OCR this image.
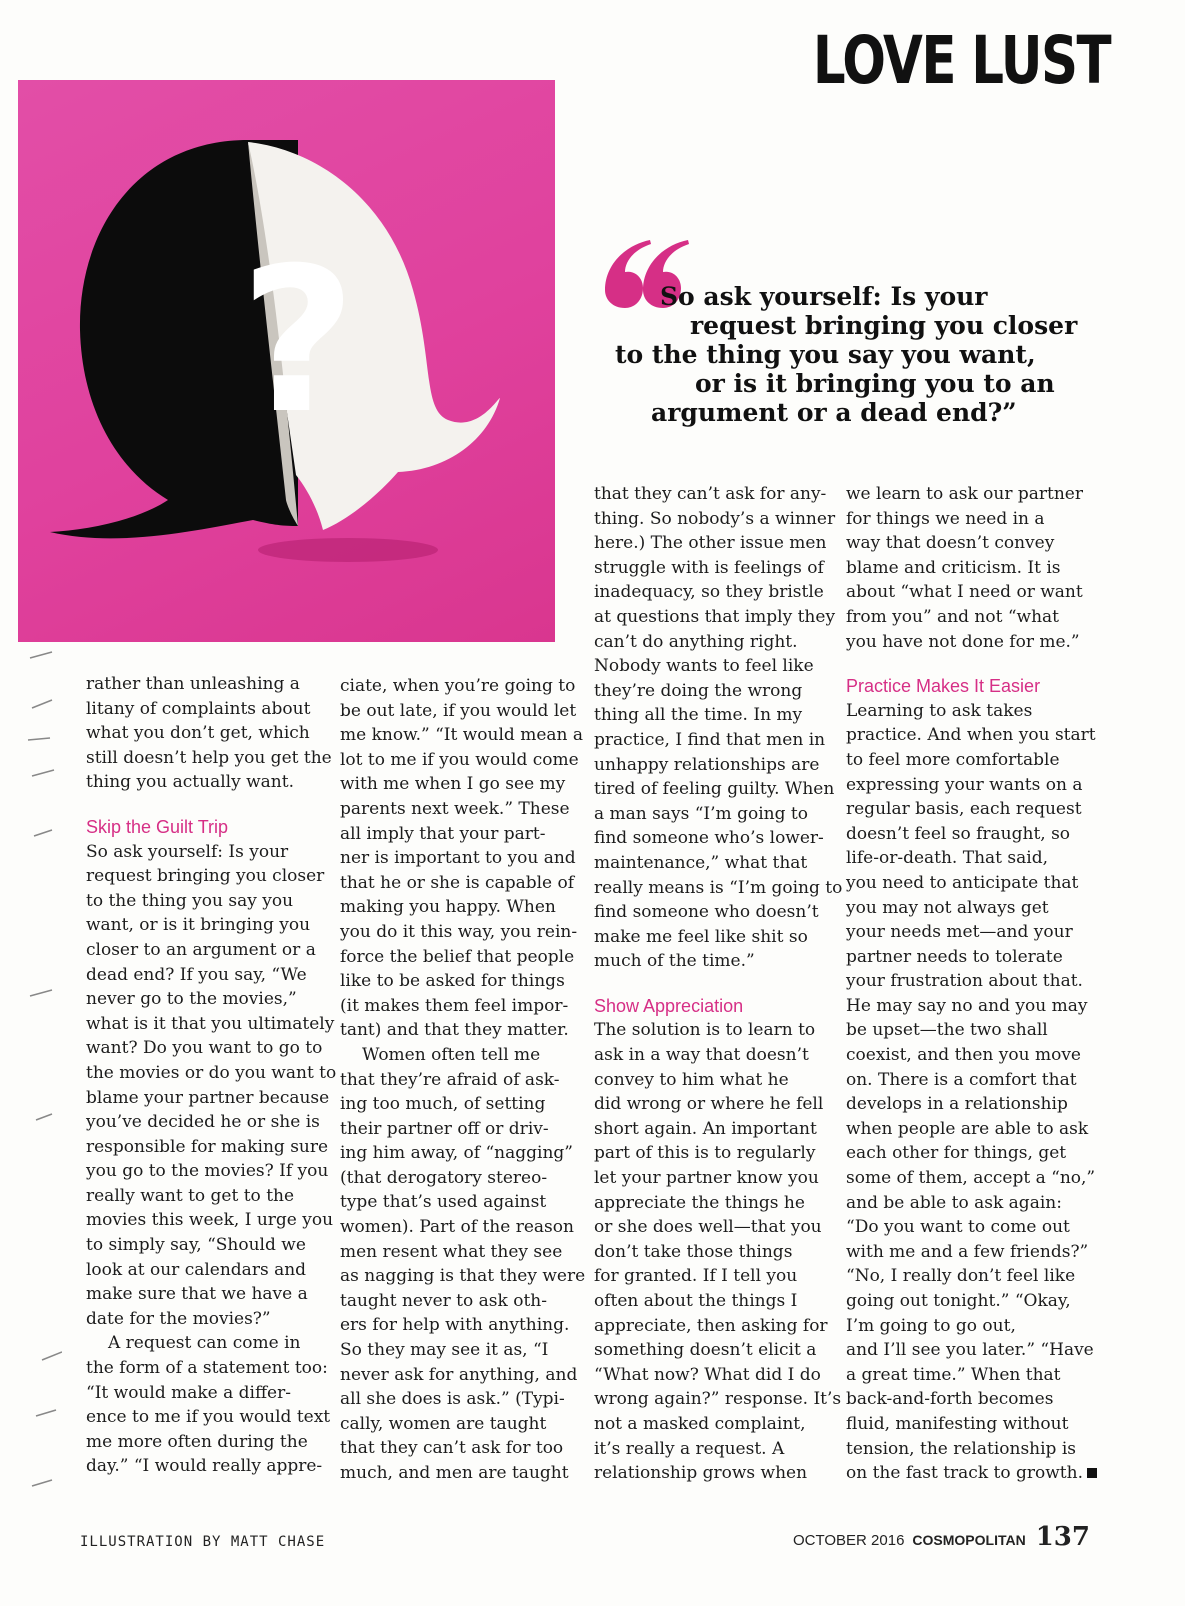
LOVE LUST
?	So ask yourself: Is your
request bringing you closer
to the thing you say you want,
or is it bringing you to an
argument or a dead end?”

rather than unleashing a
litany of complaints about
what you don’t get, which
still doesn’t help you get the
thing you actually want.

Skip the Guilt Trip

So ask yourself: Is your
request bringing you closer
to the thing you say you
want, or is it bringing you
closer to an argument or a
dead end? If you say, “We
never go to the movies,”
what is it that you ultimately
want? Do you want to go to
the movies or do you want to
blame your partner because
you’ve decided he or she is
responsible for making sure
you go to the movies? If you
really want to get to the
movies this week, I urge you
to simply say, “Should we
look at our calendars and
make sure that we have a
date for the movies?”

A request can come in
the form of a statement too:
“It would make a differ-
ence to me if you would text
me more often during the
day.” “I would really appre-

ciate, when you’re going to
be out late, if you would let
me know.” “It would mean a
lot to me if you would come
with me when I go see my
parents next week.” These
all imply that your part-
ner is important to you and
that he or she is capable of
making you happy. When
you do it this way, you rein-
force the belief that people
like to be asked for things
(it makes them feel impor-
tant) and that they matter.

Women often tell me
that they’re afraid of ask-
ing too much, of setting
their partner off or driv-
ing him away, of “nagging”
(that derogatory stereo-
type that’s used against
women). Part of the reason
men resent what they see
as nagging is that they were
taught never to ask oth-
ers for help with anything.
So they may see it as, “I
never ask for anything, and
all she does is ask.” (Typi-
cally, women are taught
that they can’t ask for too
much, and men are taught

that they can’t ask for any-
thing. So nobody’s a winner
here.) The other issue men
struggle with is feelings of
inadequacy, so they bristle
at questions that imply they
can’t do anything right.
Nobody wants to feel like
they’re doing the wrong
thing all the time. In my
practice, I find that men in
unhappy relationships are
tired of feeling guilty. When
a man says “I’m going to
find someone who’s lower-
maintenance,” what that
really means is “I’m going to
find someone who doesn’t
make me feel like shit so
much of the time.”

Show Appreciation

The solution is to learn to
ask in a way that doesn’t
convey to him what he
did wrong or where he fell
short again. An important
part of this is to regularly
let your partner know you
appreciate the things he
or she does well—that you
don’t take those things
for granted. If I tell you
often about the things I
appreciate, then asking for
something doesn’t elicit a
“What now? What did I do
wrong again?” response. It’s
not a masked complaint,
it’s really a request. A
relationship grows when

we learn to ask our partner
for things we need in a
way that doesn’t convey
blame and criticism. It is
about “what I need or want
from you” and not “what
you have not done for me.”

Practice Makes It Easier

Learning to ask takes
practice. And when you start
to feel more comfortable
expressing your wants on a
regular basis, each request
doesn’t feel so fraught, so
life-or-death. That said,
you need to anticipate that
you may not always get
your needs met—and your
partner needs to tolerate
your frustration about that.
He may say no and you may
be upset—the two shall
coexist, and then you move
on. There is a comfort that
develops in a relationship
when people are able to ask
each other for things, get
some of them, accept a “no,”
and be able to ask again:
“Do you want to come out
with me and a few friends?”
“No, I really don’t feel like
going out tonight.” “Okay,
I’m going to go out,
and I’ll see you later.” “Have
a great time.” When that
back-and-forth becomes
fluid, manifesting without
tension, the relationship is
on the fast track to growth.

ILLUSTRATION BY MATT CHASE	OCTOBER 2016 COSMOPOLITAN 137
